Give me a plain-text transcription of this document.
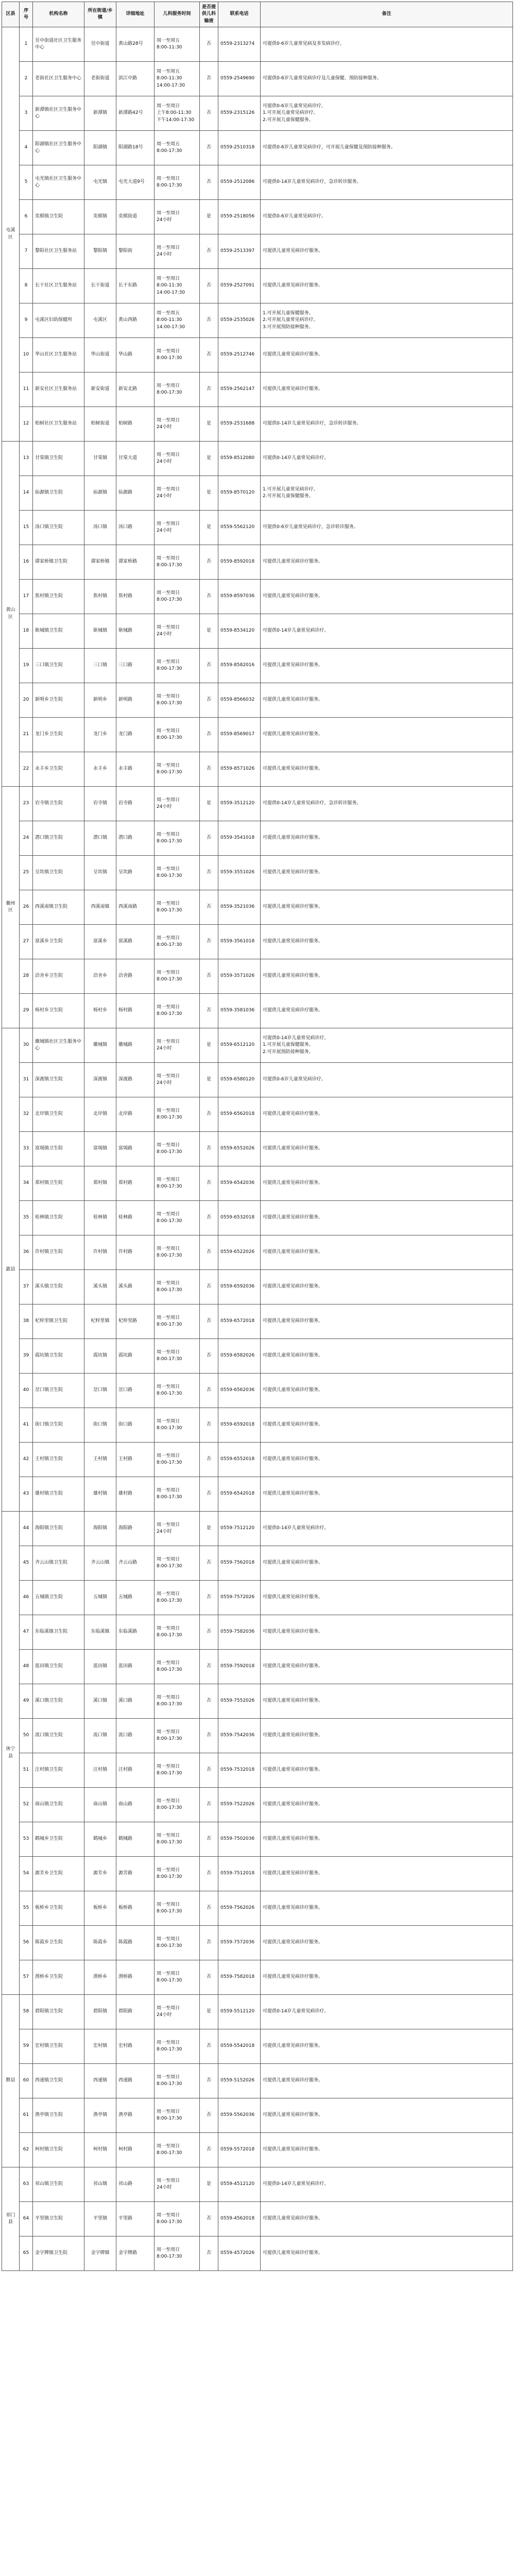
区县	序号	机构名称	所在街道/乡镇	详细地址	儿科服务时间	是否提供儿科输液	联系电话	备注
屯溪区	1	昱中街道社区卫生服务中心	昱中街道	黄山路28号	周一至周五
8:00-11:30	否	0559-2313274	可提供0-6岁儿童常见病及多发病诊疗。
	2	老街社区卫生服务中心	老街街道	滨江中路	周一至周五
8:00-11:30
14:00-17:30	否	0559-2549690	可提供0-6岁儿童常见病诊疗及儿童保健、预防接种服务。
	3	新潭镇社区卫生服务中心	新潭镇	新潭路42号	周一至周日
上午8:00-11:30
下午14:00-17:30	否	0559-2315126	可提供0-6岁儿童常见病诊疗。
1.可开展儿童常见病诊疗。
2.可开展儿童保健服务。
	4	阳湖镇社区卫生服务中心	阳湖镇	阳湖路18号	周一至周五
8:00-17:30	否	0559-2510318	可提供0-6岁儿童常见病诊疗，可开展儿童保健及预防接种服务。
	5	屯光镇社区卫生服务中心	屯光镇	屯光大道9号	周一至周日
8:00-17:30	否	0559-2512086	可提供0-14岁儿童常见病诊疗，急诊转诊服务。
	6	奕棋镇卫生院	奕棋镇	奕棋街道	周一至周日
24小时	是	0559-2518056	可提供0-6岁儿童常见病诊疗。
	7	黎阳社区卫生服务站	黎阳镇	黎阳街	周一至周日
24小时	否	0559-2513397	可提供儿童常见病诊疗服务。
	8	长干社区卫生服务站	长干街道	长干东路	周一至周日
8:00-11:30
14:00-17:30	否	0559-2527091	可提供儿童常见病诊疗服务。
	9	屯溪区妇幼保健所	屯溪区	黄山西路	周一至周五
8:00-11:30
14:00-17:30	否	0559-2535026	1.可开展儿童保健服务。
2.可开展儿童常见病诊疗。
3.可开展预防接种服务。
	10	华山社区卫生服务站	华山街道	华山路	周一至周日
8:00-17:30	否	0559-2512746	可提供儿童常见病诊疗服务。
	11	新安社区卫生服务站	新安街道	新安北路	周一至周日
8:00-17:30	否	0559-2562147	可提供儿童常见病诊疗服务。
	12	柏树社区卫生服务站	柏树街道	柏树路	周一至周日
24小时	是	0559-2531688	可提供0-14岁儿童常见病诊疗，急诊转诊服务。
黄山区	13	甘棠镇卫生院	甘棠镇	甘棠大道	周一至周日
24小时	是	0559-8512080	可提供0-14岁儿童常见病诊疗。
	14	仙源镇卫生院	仙源镇	仙源路	周一至周日
24小时	是	0559-8570120	1.可开展儿童常见病诊疗。
2.可开展儿童保健服务。
	15	汤口镇卫生院	汤口镇	汤口路	周一至周日
24小时	是	0559-5562120	可提供0-6岁儿童常见病诊疗，急诊转诊服务。
	16	谭家桥镇卫生院	谭家桥镇	谭家桥路	周一至周日
8:00-17:30	否	0559-8592018	可提供儿童常见病诊疗服务。
	17	焦村镇卫生院	焦村镇	焦村路	周一至周日
8:00-17:30	否	0559-8597036	可提供儿童常见病诊疗服务。
	18	耿城镇卫生院	耿城镇	耿城路	周一至周日
24小时	是	0559-8534120	可提供0-14岁儿童常见病诊疗。
	19	三口镇卫生院	三口镇	三口路	周一至周日
8:00-17:30	否	0559-8582016	可提供儿童常见病诊疗服务。
	20	新明乡卫生院	新明乡	新明路	周一至周日
8:00-17:30	否	0559-8566032	可提供儿童常见病诊疗服务。
	21	龙门乡卫生院	龙门乡	龙门路	周一至周日
8:00-17:30	否	0559-8569017	可提供儿童常见病诊疗服务。
	22	永丰乡卫生院	永丰乡	永丰路	周一至周日
8:00-17:30	否	0559-8571026	可提供儿童常见病诊疗服务。
徽州区	23	岩寺镇卫生院	岩寺镇	岩寺路	周一至周日
24小时	是	0559-3512120	可提供0-14岁儿童常见病诊疗，急诊转诊服务。
	24	潜口镇卫生院	潜口镇	潜口路	周一至周日
8:00-17:30	否	0559-3541018	可提供儿童常见病诊疗服务。
	25	呈坎镇卫生院	呈坎镇	呈坎路	周一至周日
8:00-17:30	否	0559-3551026	可提供儿童常见病诊疗服务。
	26	西溪南镇卫生院	西溪南镇	西溪南路	周一至周日
8:00-17:30	否	0559-3521036	可提供儿童常见病诊疗服务。
	27	富溪乡卫生院	富溪乡	富溪路	周一至周日
8:00-17:30	否	0559-3561018	可提供儿童常见病诊疗服务。
	28	洽舍乡卫生院	洽舍乡	洽舍路	周一至周日
8:00-17:30	否	0559-3571026	可提供儿童常见病诊疗服务。
	29	杨村乡卫生院	杨村乡	杨村路	周一至周日
8:00-17:30	否	0559-3581036	可提供儿童常见病诊疗服务。
歙县	30	徽城镇社区卫生服务中心	徽城镇	徽城路	周一至周日
24小时	是	0559-6512120	可提供0-14岁儿童常见病诊疗。
1.可开展儿童保健服务。
2.可开展预防接种服务。
	31	深渡镇卫生院	深渡镇	深渡路	周一至周日
24小时	是	0559-6580120	可提供0-6岁儿童常见病诊疗。
	32	北岸镇卫生院	北岸镇	北岸路	周一至周日
8:00-17:30	否	0559-6562018	可提供儿童常见病诊疗服务。
	33	富堨镇卫生院	富堨镇	富堨路	周一至周日
8:00-17:30	否	0559-6552026	可提供儿童常见病诊疗服务。
	34	郑村镇卫生院	郑村镇	郑村路	周一至周日
8:00-17:30	否	0559-6542036	可提供儿童常见病诊疗服务。
	35	桂林镇卫生院	桂林镇	桂林路	周一至周日
8:00-17:30	否	0559-6532018	可提供儿童常见病诊疗服务。
	36	许村镇卫生院	许村镇	许村路	周一至周日
8:00-17:30	否	0559-6522026	可提供儿童常见病诊疗服务。
	37	溪头镇卫生院	溪头镇	溪头路	周一至周日
8:00-17:30	否	0559-6592036	可提供儿童常见病诊疗服务。
	38	杞梓里镇卫生院	杞梓里镇	杞梓里路	周一至周日
8:00-17:30	否	0559-6572018	可提供儿童常见病诊疗服务。
	39	霞坑镇卫生院	霞坑镇	霞坑路	周一至周日
8:00-17:30	否	0559-6582026	可提供儿童常见病诊疗服务。
	40	岔口镇卫生院	岔口镇	岔口路	周一至周日
8:00-17:30	否	0559-6562036	可提供儿童常见病诊疗服务。
	41	街口镇卫生院	街口镇	街口路	周一至周日
8:00-17:30	否	0559-6592018	可提供儿童常见病诊疗服务。
	42	王村镇卫生院	王村镇	王村路	周一至周日
8:00-17:30	否	0559-6552018	可提供儿童常见病诊疗服务。
	43	雄村镇卫生院	雄村镇	雄村路	周一至周日
8:00-17:30	否	0559-6542018	可提供儿童常见病诊疗服务。
休宁县	44	海阳镇卫生院	海阳镇	海阳路	周一至周日
24小时	是	0559-7512120	可提供0-14岁儿童常见病诊疗。
	45	齐云山镇卫生院	齐云山镇	齐云山路	周一至周日
8:00-17:30	否	0559-7562018	可提供儿童常见病诊疗服务。
	46	五城镇卫生院	五城镇	五城路	周一至周日
8:00-17:30	否	0559-7572026	可提供儿童常见病诊疗服务。
	47	东临溪镇卫生院	东临溪镇	东临溪路	周一至周日
8:00-17:30	否	0559-7582036	可提供儿童常见病诊疗服务。
	48	蓝田镇卫生院	蓝田镇	蓝田路	周一至周日
8:00-17:30	否	0559-7592018	可提供儿童常见病诊疗服务。
	49	溪口镇卫生院	溪口镇	溪口路	周一至周日
8:00-17:30	否	0559-7552026	可提供儿童常见病诊疗服务。
	50	流口镇卫生院	流口镇	流口路	周一至周日
8:00-17:30	否	0559-7542036	可提供儿童常见病诊疗服务。
	51	汪村镇卫生院	汪村镇	汪村路	周一至周日
8:00-17:30	否	0559-7532018	可提供儿童常见病诊疗服务。
	52	商山镇卫生院	商山镇	商山路	周一至周日
8:00-17:30	否	0559-7522026	可提供儿童常见病诊疗服务。
	53	鹤城乡卫生院	鹤城乡	鹤城路	周一至周日
8:00-17:30	否	0559-7502036	可提供儿童常见病诊疗服务。
	54	源芳乡卫生院	源芳乡	源芳路	周一至周日
8:00-17:30	否	0559-7512018	可提供儿童常见病诊疗服务。
	55	板桥乡卫生院	板桥乡	板桥路	周一至周日
8:00-17:30	否	0559-7562026	可提供儿童常见病诊疗服务。
	56	陈霞乡卫生院	陈霞乡	陈霞路	周一至周日
8:00-17:30	否	0559-7572036	可提供儿童常见病诊疗服务。
	57	渭桥乡卫生院	渭桥乡	渭桥路	周一至周日
8:00-17:30	否	0559-7582018	可提供儿童常见病诊疗服务。
黟县	58	碧阳镇卫生院	碧阳镇	碧阳路	周一至周日
24小时	是	0559-5512120	可提供0-14岁儿童常见病诊疗。
	59	宏村镇卫生院	宏村镇	宏村路	周一至周日
8:00-17:30	否	0559-5542018	可提供儿童常见病诊疗服务。
	60	西递镇卫生院	西递镇	西递路	周一至周日
8:00-17:30	否	0559-5152026	可提供儿童常见病诊疗服务。
	61	渔亭镇卫生院	渔亭镇	渔亭路	周一至周日
8:00-17:30	否	0559-5562036	可提供儿童常见病诊疗服务。
	62	柯村镇卫生院	柯村镇	柯村路	周一至周日
8:00-17:30	否	0559-5572018	可提供儿童常见病诊疗服务。
祁门县	63	祁山镇卫生院	祁山镇	祁山路	周一至周日
24小时	是	0559-4512120	可提供0-14岁儿童常见病诊疗。
	64	平里镇卫生院	平里镇	平里路	周一至周日
8:00-17:30	否	0559-4562018	可提供儿童常见病诊疗服务。
	65	金字牌镇卫生院	金字牌镇	金字牌路	周一至周日
8:00-17:30	否	0559-4572026	可提供儿童常见病诊疗服务。
